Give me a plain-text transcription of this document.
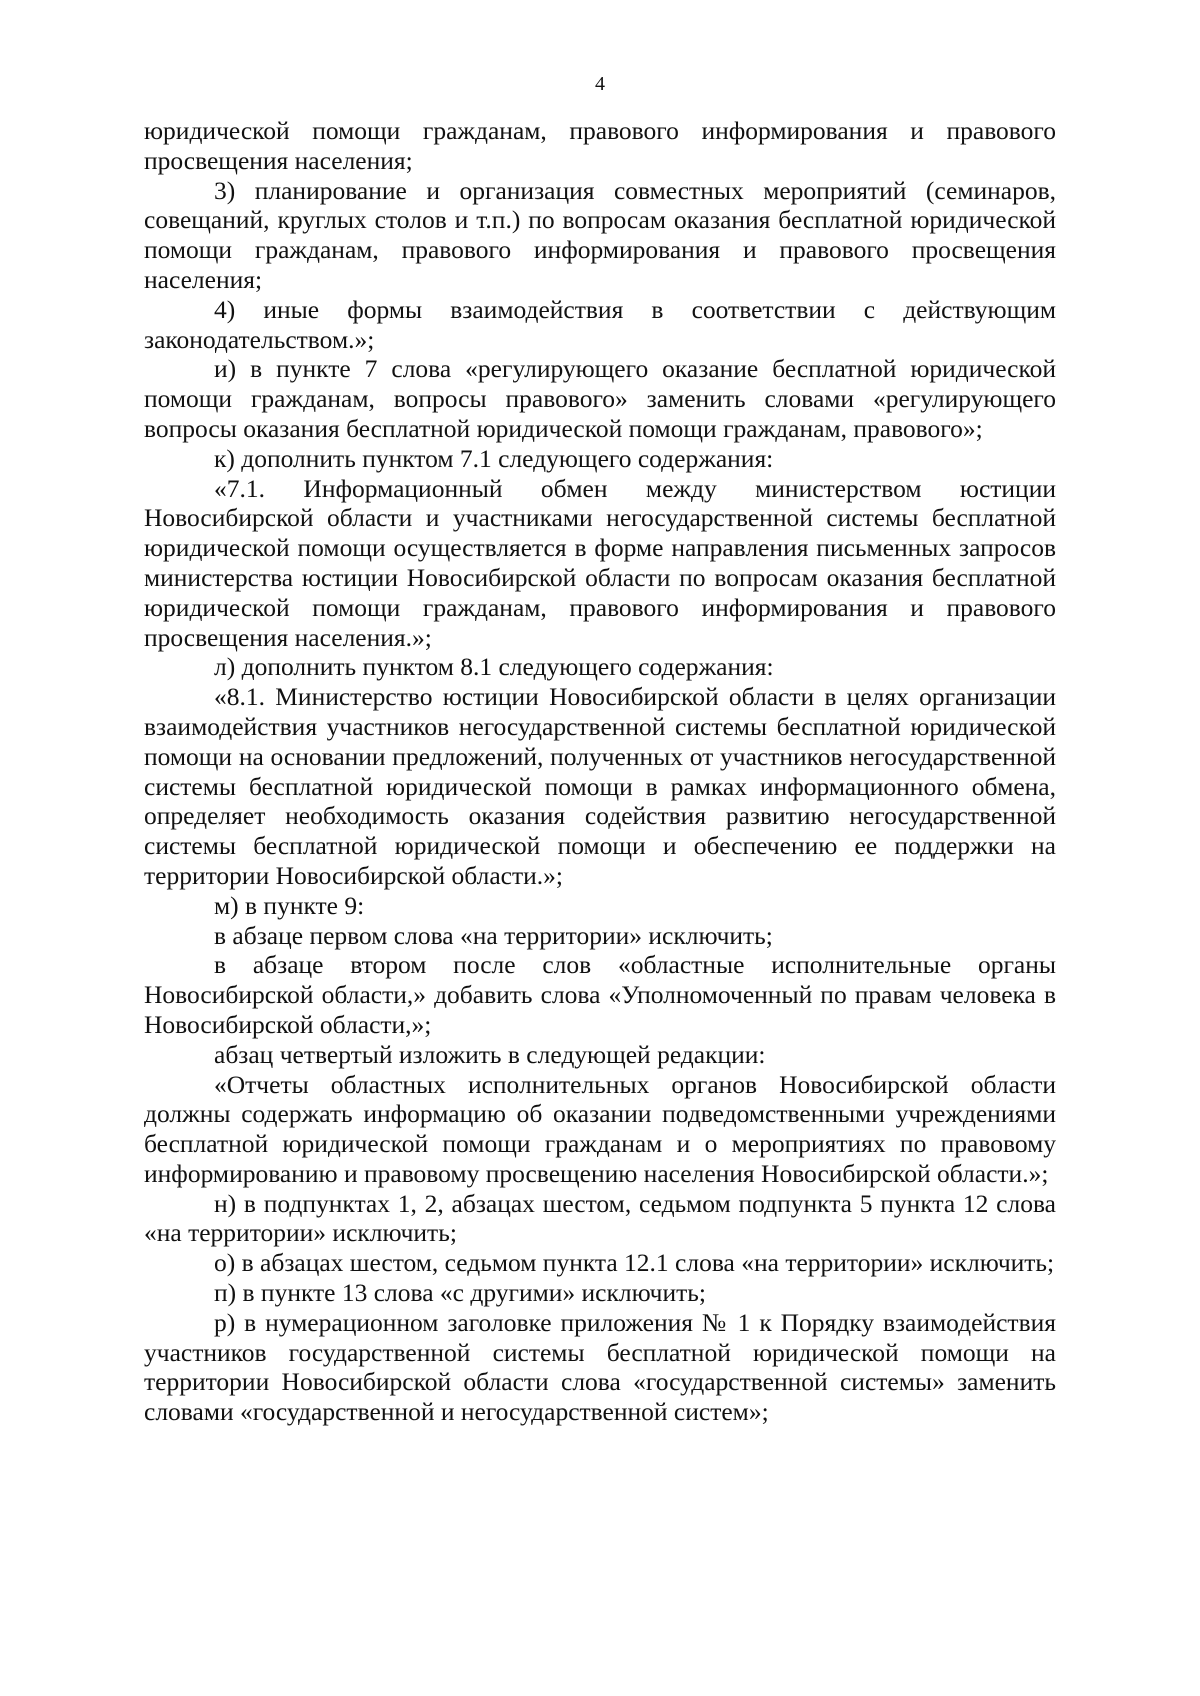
4

юридической помощи гражданам, правового информирования и правового просвещения населения;

3) планирование и организация совместных мероприятий (семинаров, совещаний, круглых столов и т.п.) по вопросам оказания бесплатной юридической помощи гражданам, правового информирования и правового просвещения населения;

4) иные формы взаимодействия в соответствии с действующим законодательством.»;

и) в пункте 7 слова «регулирующего оказание бесплатной юридической помощи гражданам, вопросы правового» заменить словами «регулирующего вопросы оказания бесплатной юридической помощи гражданам, правового»;

к) дополнить пунктом 7.1 следующего содержания:

«7.1. Информационный обмен между министерством юстиции Новосибирской области и участниками негосударственной системы бесплатной юридической помощи осуществляется в форме направления письменных запросов министерства юстиции Новосибирской области по вопросам оказания бесплатной юридической помощи гражданам, правового информирования и правового просвещения населения.»;

л) дополнить пунктом 8.1 следующего содержания:

«8.1. Министерство юстиции Новосибирской области в целях организации взаимодействия участников негосударственной системы бесплатной юридической помощи на основании предложений, полученных от участников негосударственной системы бесплатной юридической помощи в рамках информационного обмена, определяет необходимость оказания содействия развитию негосударственной системы бесплатной юридической помощи и обеспечению ее поддержки на территории Новосибирской области.»;

м) в пункте 9:

в абзаце первом слова «на территории» исключить;

в абзаце втором после слов «областные исполнительные органы Новосибирской области,» добавить слова «Уполномоченный по правам человека в Новосибирской области,»;

абзац четвертый изложить в следующей редакции:

«Отчеты областных исполнительных органов Новосибирской области должны содержать информацию об оказании подведомственными учреждениями бесплатной юридической помощи гражданам и о мероприятиях по правовому информированию и правовому просвещению населения Новосибирской области.»;

н) в подпунктах 1, 2, абзацах шестом, седьмом подпункта 5 пункта 12 слова «на территории» исключить;

о) в абзацах шестом, седьмом пункта 12.1 слова «на территории» исключить;

п) в пункте 13 слова «с другими» исключить;

р) в нумерационном заголовке приложения № 1 к Порядку взаимодействия участников государственной системы бесплатной юридической помощи на территории Новосибирской области слова «государственной системы» заменить словами «государственной и негосударственной систем»;
